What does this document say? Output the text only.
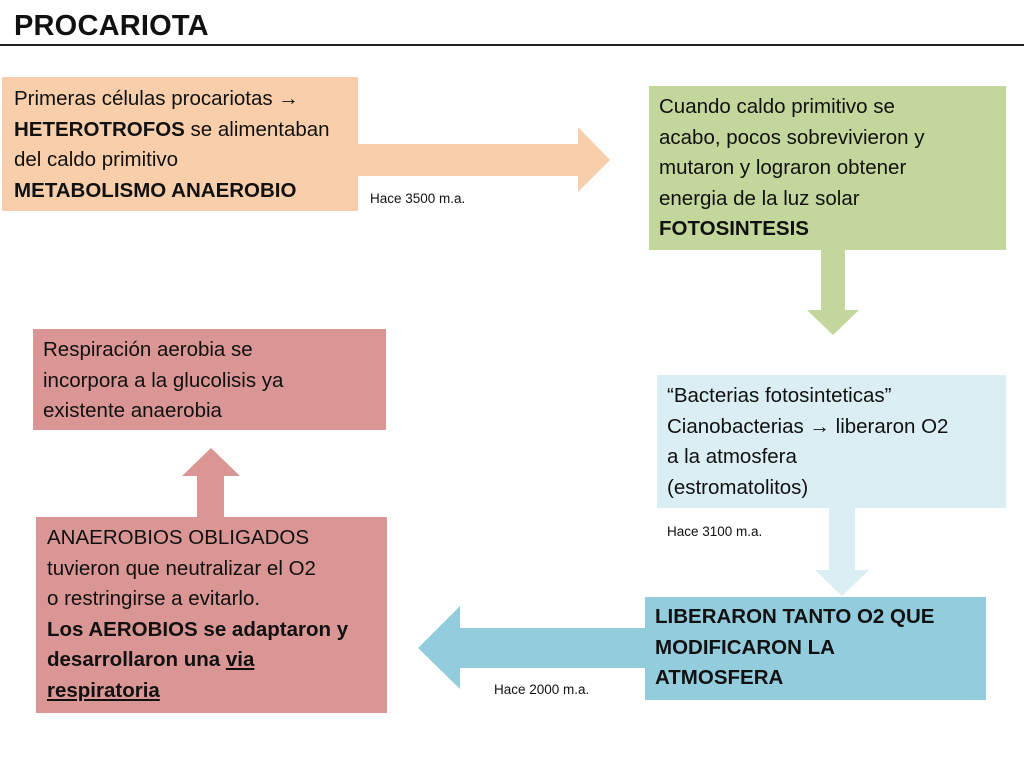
PROCARIOTA
Primeras células procariotas →
HETEROTROFOS se alimentaban
del caldo primitivo
METABOLISMO ANAEROBIO	Hace 3500 m.a.
Cuando caldo primitivo se
acabo, pocos sobrevivieron y
mutaron y lograron obtener
energia de la luz solar
FOTOSINTESIS
“Bacterias fotosinteticas”
Cianobacterias → liberaron O2
a la atmosfera
(estromatolitos)
Hace 3100 m.a.
LIBERARON TANTO O2 QUE
MODIFICARON LA
ATMOSFERA
Hace 2000 m.a.
ANAEROBIOS OBLIGADOS
tuvieron que neutralizar el O2
o restringirse a evitarlo.
Los AEROBIOS se adaptaron y
desarrollaron una via
respiratoria
Respiración aerobia se
incorpora a la glucolisis ya
existente anaerobia
